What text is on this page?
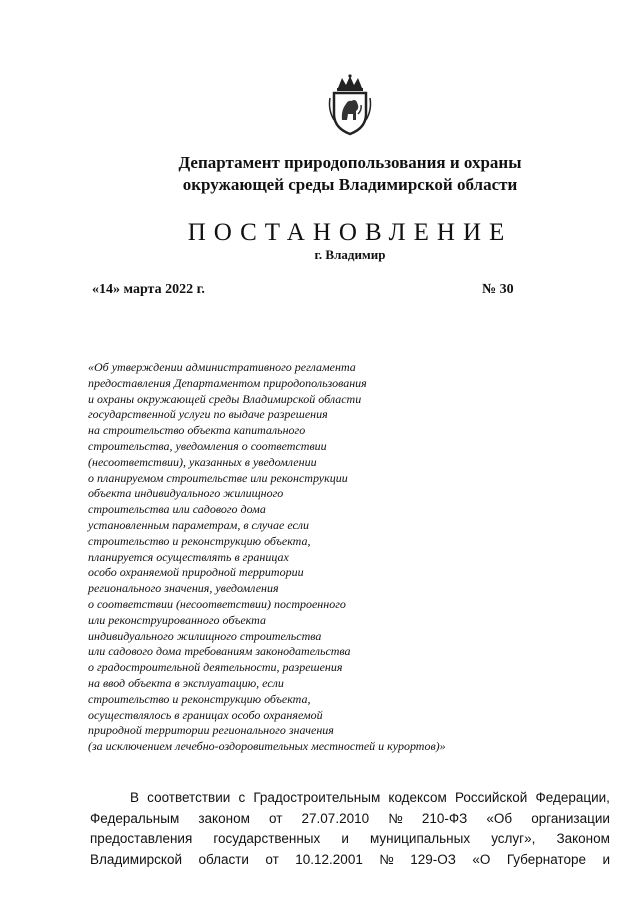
Департамент природопользования и охраны
окружающей среды Владимирской области
ПОСТАНОВЛЕНИЕ
г. Владимир
«14» марта 2022 г.	№ 30
«Об утверждении административного регламента
предоставления Департаментом природопользования
и охраны окружающей среды Владимирской области
государственной услуги по выдаче разрешения
на строительство объекта капитального
строительства, уведомления о соответствии
(несоответствии), указанных в уведомлении
о планируемом строительстве или реконструкции
объекта индивидуального жилищного
строительства или садового дома
установленным параметрам, в случае если
строительство и реконструкцию объекта,
планируется осуществлять в границах
особо охраняемой природной территории
регионального значения, уведомления
о соответствии (несоответствии) построенного
или реконструированного объекта
индивидуального жилищного строительства
или садового дома требованиям законодательства
о градостроительной деятельности, разрешения
на ввод объекта в эксплуатацию, если
строительство и реконструкцию объекта,
осуществлялось в границах особо охраняемой
природной территории регионального значения
(за исключением лечебно-оздоровительных местностей и курортов)»
В соответствии с Градостроительным кодексом Российской Федерации,
Федеральным законом от 27.07.2010 № 210-ФЗ «Об организации
предоставления государственных и муниципальных услуг», Законом
Владимирской области от 10.12.2001 № 129-ОЗ «О Губернаторе и
